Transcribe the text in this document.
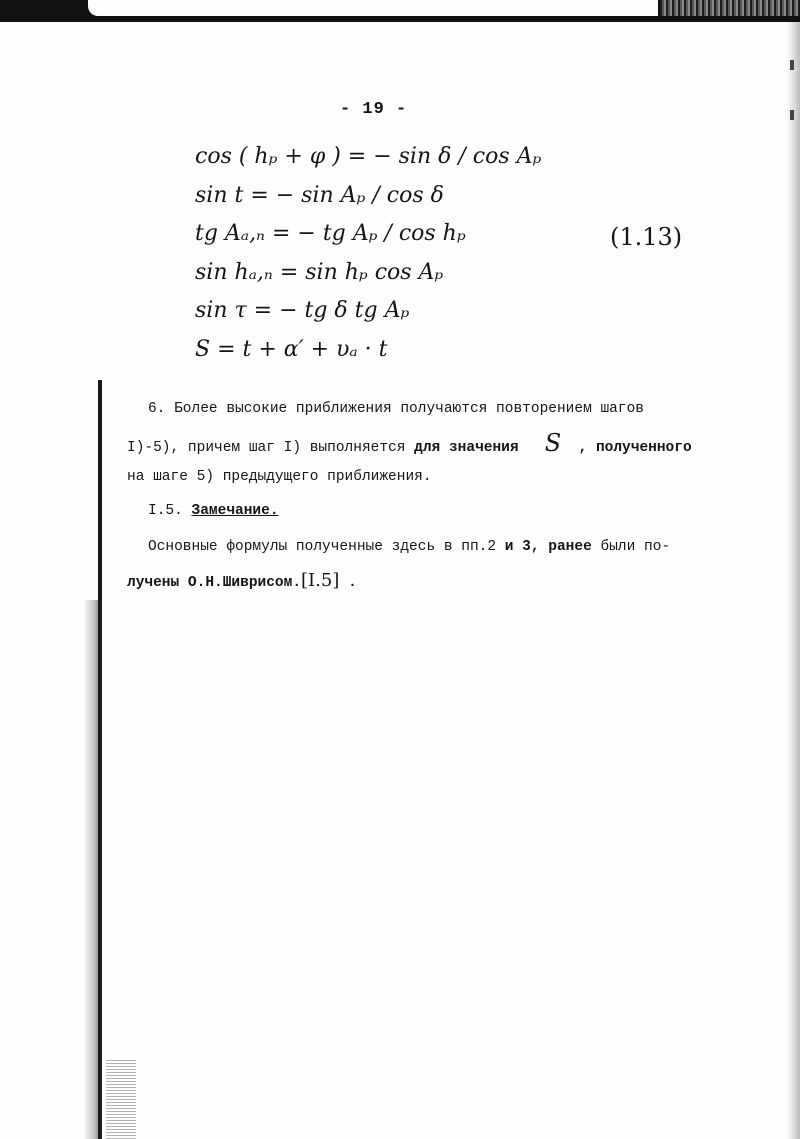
- 19 -
cos ( hₚ + φ ) = − sin δ / cos Aₚ
sin t = − sin Aₚ / cos δ
tg Aₐ,ₙ = − tg Aₚ / cos hₚ
sin hₐ,ₙ = sin hₚ cos Aₚ
sin τ = − tg δ tg Aₚ
S = t + α′ + υₐ · t
(1.13)
6. Более высокие приближения получаются повторением шагов
I)-5), причем шаг I) выполняется для значения S , полученного
на шаге 5) предыдущего приближения.
I.5. Замечание.
Основные формулы полученные здесь в пп.2 и 3, ранее были по-
лучены О.Н.Шиврисом.[I.5] .
